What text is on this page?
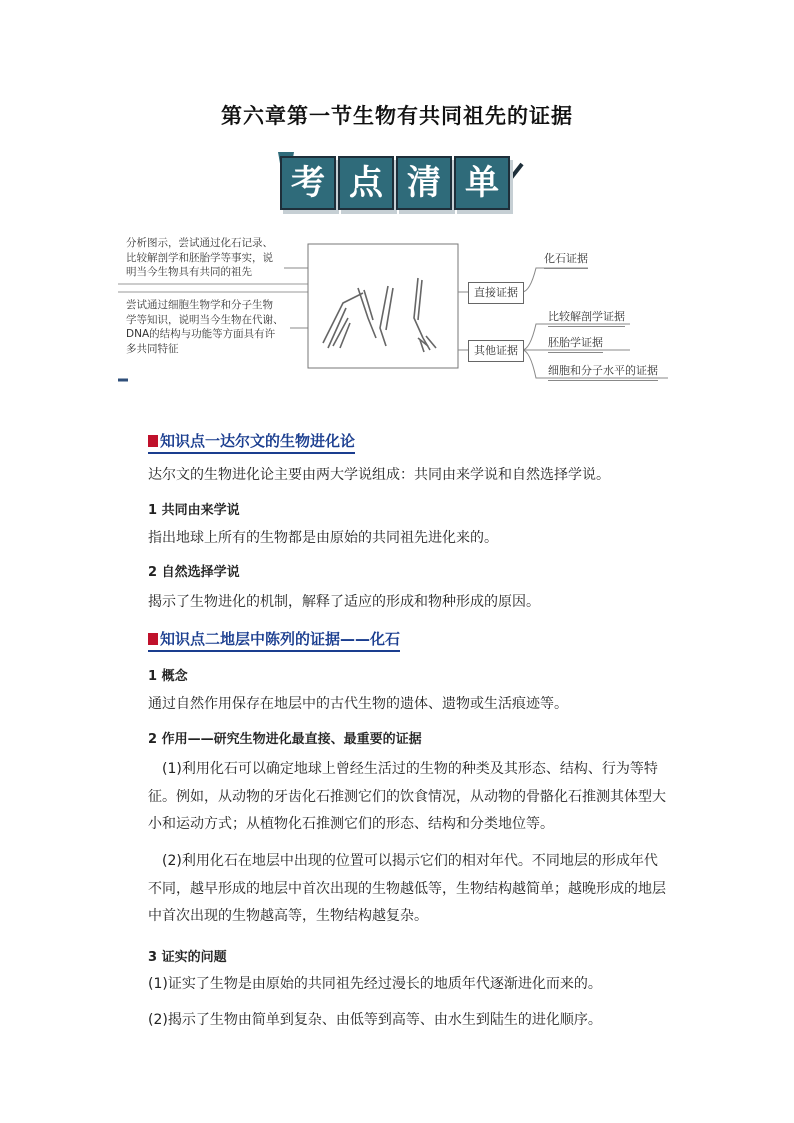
第六章第一节生物有共同祖先的证据
考 点 清 单
分析图示，尝试通过化石记录、
比较解剖学和胚胎学等事实，说
明当今生物具有共同的祖先
尝试通过细胞生物学和分子生物
学等知识，说明当今生物在代谢、
DNA的结构与功能等方面具有许
多共同特征
直接证据
其他证据
化石证据
比较解剖学证据
胚胎学证据
细胞和分子水平的证据
知识点一达尔文的生物进化论
达尔文的生物进化论主要由两大学说组成：共同由来学说和自然选择学说。
1 共同由来学说
指出地球上所有的生物都是由原始的共同祖先进化来的。
2 自然选择学说
揭示了生物进化的机制，解释了适应的形成和物种形成的原因。
知识点二地层中陈列的证据——化石
1 概念
通过自然作用保存在地层中的古代生物的遗体、遗物或生活痕迹等。
2 作用——研究生物进化最直接、最重要的证据
(1)利用化石可以确定地球上曾经生活过的生物的种类及其形态、结构、行为等特
征。例如，从动物的牙齿化石推测它们的饮食情况，从动物的骨骼化石推测其体型大
小和运动方式；从植物化石推测它们的形态、结构和分类地位等。
(2)利用化石在地层中出现的位置可以揭示它们的相对年代。不同地层的形成年代
不同，越早形成的地层中首次出现的生物越低等，生物结构越简单；越晚形成的地层
中首次出现的生物越高等，生物结构越复杂。
3 证实的问题
(1)证实了生物是由原始的共同祖先经过漫长的地质年代逐渐进化而来的。
(2)揭示了生物由简单到复杂、由低等到高等、由水生到陆生的进化顺序。
